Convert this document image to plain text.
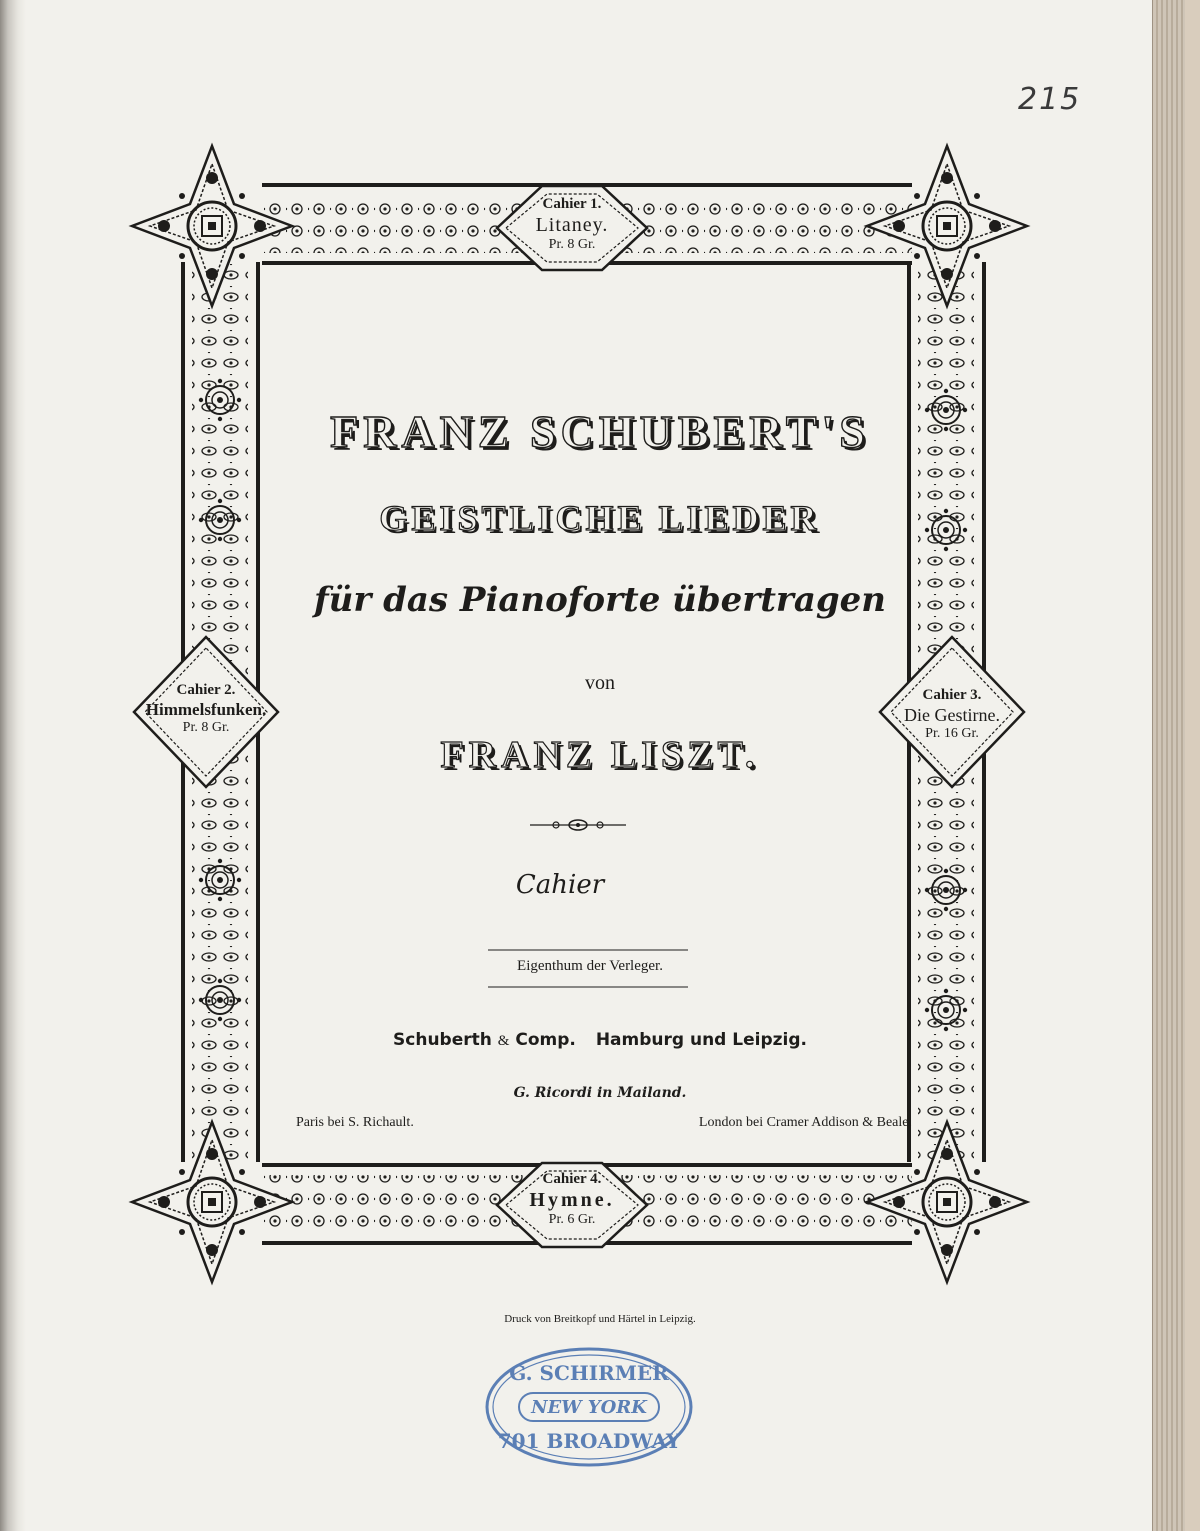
215
Cahier 1.
Litaney.
Pr. 8 Gr.
Cahier 2.
Himmelsfunken.
Pr. 8 Gr.
Cahier 3.
Die Gestirne.
Pr. 16 Gr.
Cahier 4.
Hymne.
Pr. 6 Gr.
FRANZ SCHUBERT'S
GEISTLICHE LIEDER
für das Pianoforte übertragen
von
FRANZ LISZT.
Cahier
Eigenthum der Verleger.
Schuberth & Comp. Hamburg und Leipzig.
G. Ricordi in Mailand.
Paris bei S. Richault.	London bei Cramer Addison & Beale.
Druck von Breitkopf und Härtel in Leipzig.
G. SCHIRMER
NEW YORK
701 BROADWAY
